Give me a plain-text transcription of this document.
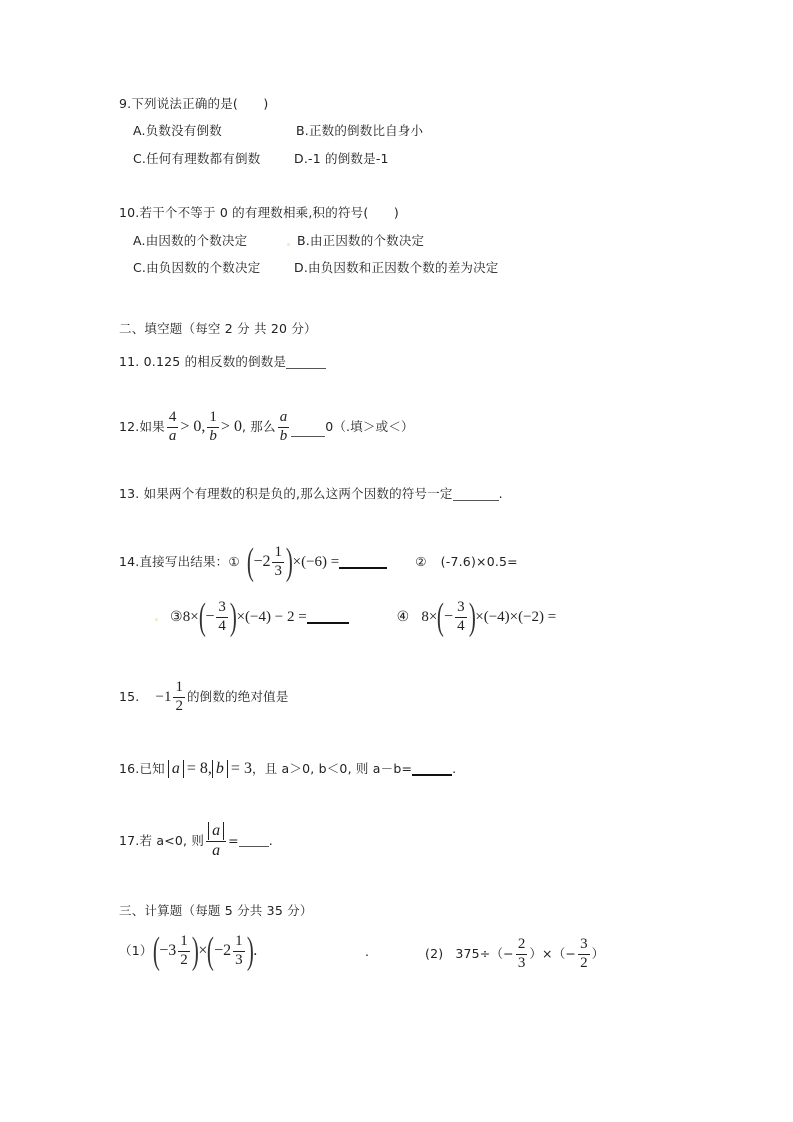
9.下列说法正确的是(　　)
A.负数没有倒数	B.正数的倒数比自身小
C.任何有理数都有倒数	D.-1 的倒数是-1
10.若干个不等于 0 的有理数相乘,积的符号(　　)
A.由因数的个数决定	B.由正因数的个数决定
C.由负因数的个数决定	D.由负因数和正因数个数的差为决定
二、填空题（每空 2 分 共 20 分）
11. 0.125 的相反数的倒数是
12.如果 $\frac{4}{a} > 0$, $\frac{1}{b} > 0$ , 那么 $\frac{a}{b}$	0（.填＞或＜）
13. 如果两个有理数的积是负的,那么这两个因数的符号一定	.
14.直接写出结果：① ( $-2 \frac{1}{3}$ ) ×(−6) =	② (-7.6)×0.5=
③ 8× ( − $\frac{3}{4}$ ) ×(−4) − 2 =	④ 8× ( − $\frac{3}{4}$ ) ×(−4)×(−2) =
15. $-1 \frac{1}{2}$ 的倒数的绝对值是
16.已知 a = 8, b = 3 ，且 a＞0, b＜0, 则 a－b=	.
17.若 a<0, 则 $\frac{a}{a}$ = .
三、计算题（每题 5 分共 35 分）
（1） ( $-3 \frac{1}{2}$ ) × ( $-2 \frac{1}{3}$ ) .	.	(2) $375\div(- \frac{2}{3}$ ）×（− $\frac{3}{2}$ ）
